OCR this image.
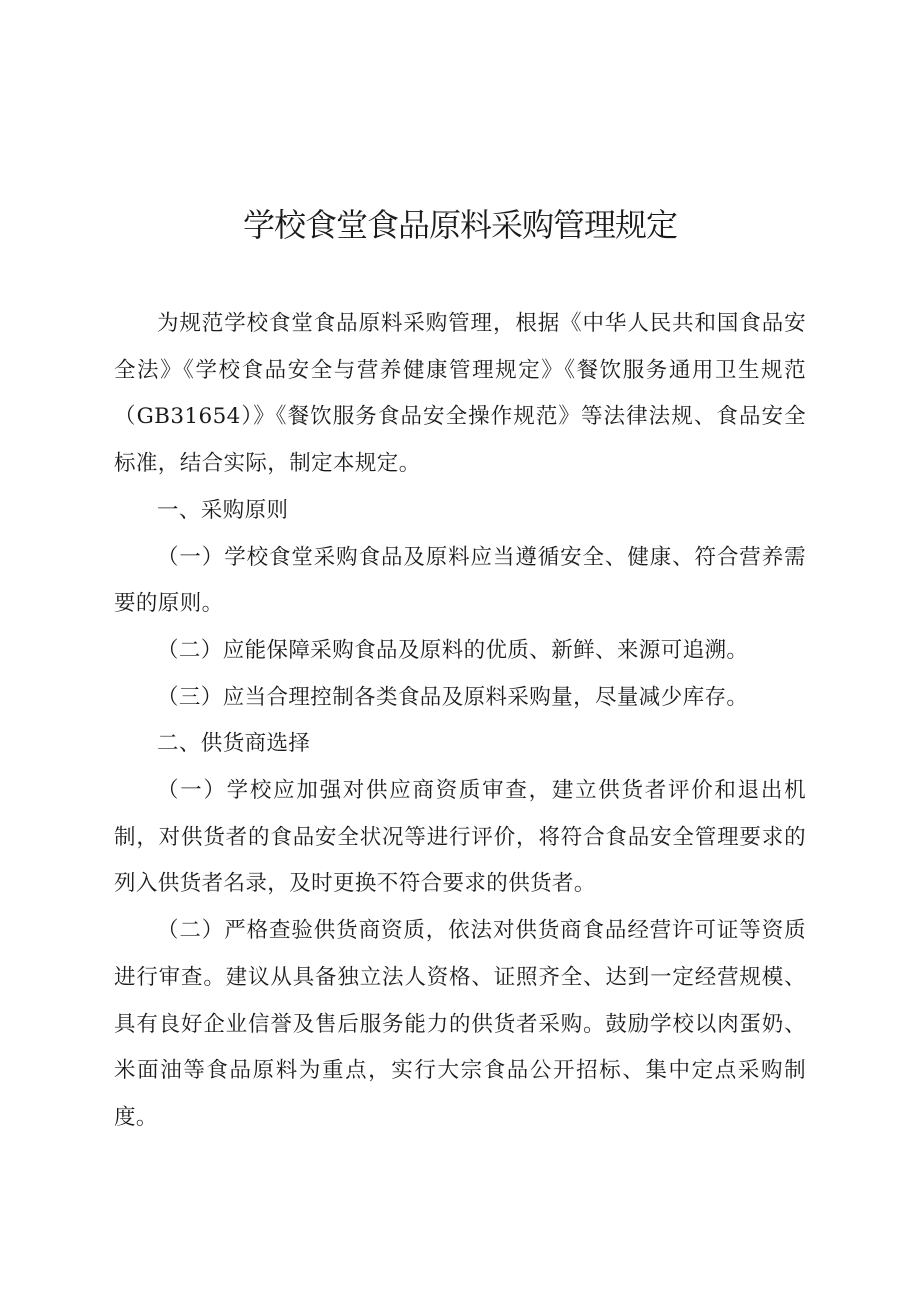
学校食堂食品原料采购管理规定

为规范学校食堂食品原料采购管理，根据《中华人民共和国食品安全法》《学校食品安全与营养健康管理规定》《餐饮服务通用卫生规范（GB31654）》《餐饮服务食品安全操作规范》等法律法规、食品安全标准，结合实际，制定本规定。

一、采购原则

（一）学校食堂采购食品及原料应当遵循安全、健康、符合营养需要的原则。

（二）应能保障采购食品及原料的优质、新鲜、来源可追溯。

（三）应当合理控制各类食品及原料采购量，尽量减少库存。

二、供货商选择

（一）学校应加强对供应商资质审查，建立供货者评价和退出机制，对供货者的食品安全状况等进行评价，将符合食品安全管理要求的列入供货者名录，及时更换不符合要求的供货者。

（二）严格查验供货商资质，依法对供货商食品经营许可证等资质进行审查。建议从具备独立法人资格、证照齐全、达到一定经营规模、具有良好企业信誉及售后服务能力的供货者采购。鼓励学校以肉蛋奶、米面油等食品原料为重点，实行大宗食品公开招标、集中定点采购制度。
